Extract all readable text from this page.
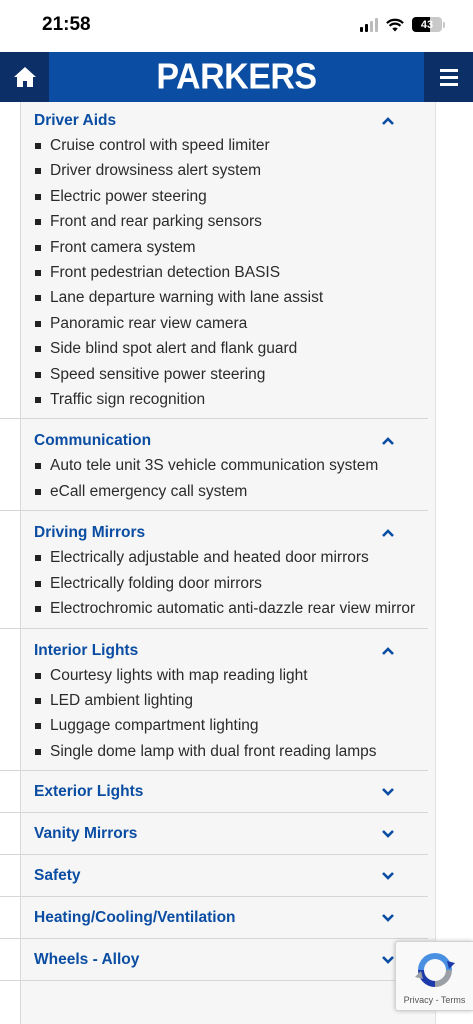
21:58	43
PARKERS
Driver Aids
Cruise control with speed limiter
Driver drowsiness alert system
Electric power steering
Front and rear parking sensors
Front camera system
Front pedestrian detection BASIS
Lane departure warning with lane assist
Panoramic rear view camera
Side blind spot alert and flank guard
Speed sensitive power steering
Traffic sign recognition
Communication
Auto tele unit 3S vehicle communication system
eCall emergency call system
Driving Mirrors
Electrically adjustable and heated door mirrors
Electrically folding door mirrors
Electrochromic automatic anti-dazzle rear view mirror
Interior Lights
Courtesy lights with map reading light
LED ambient lighting
Luggage compartment lighting
Single dome lamp with dual front reading lamps
Exterior Lights
Vanity Mirrors
Safety
Heating/Cooling/Ventilation
Wheels - Alloy
Privacy - Terms
